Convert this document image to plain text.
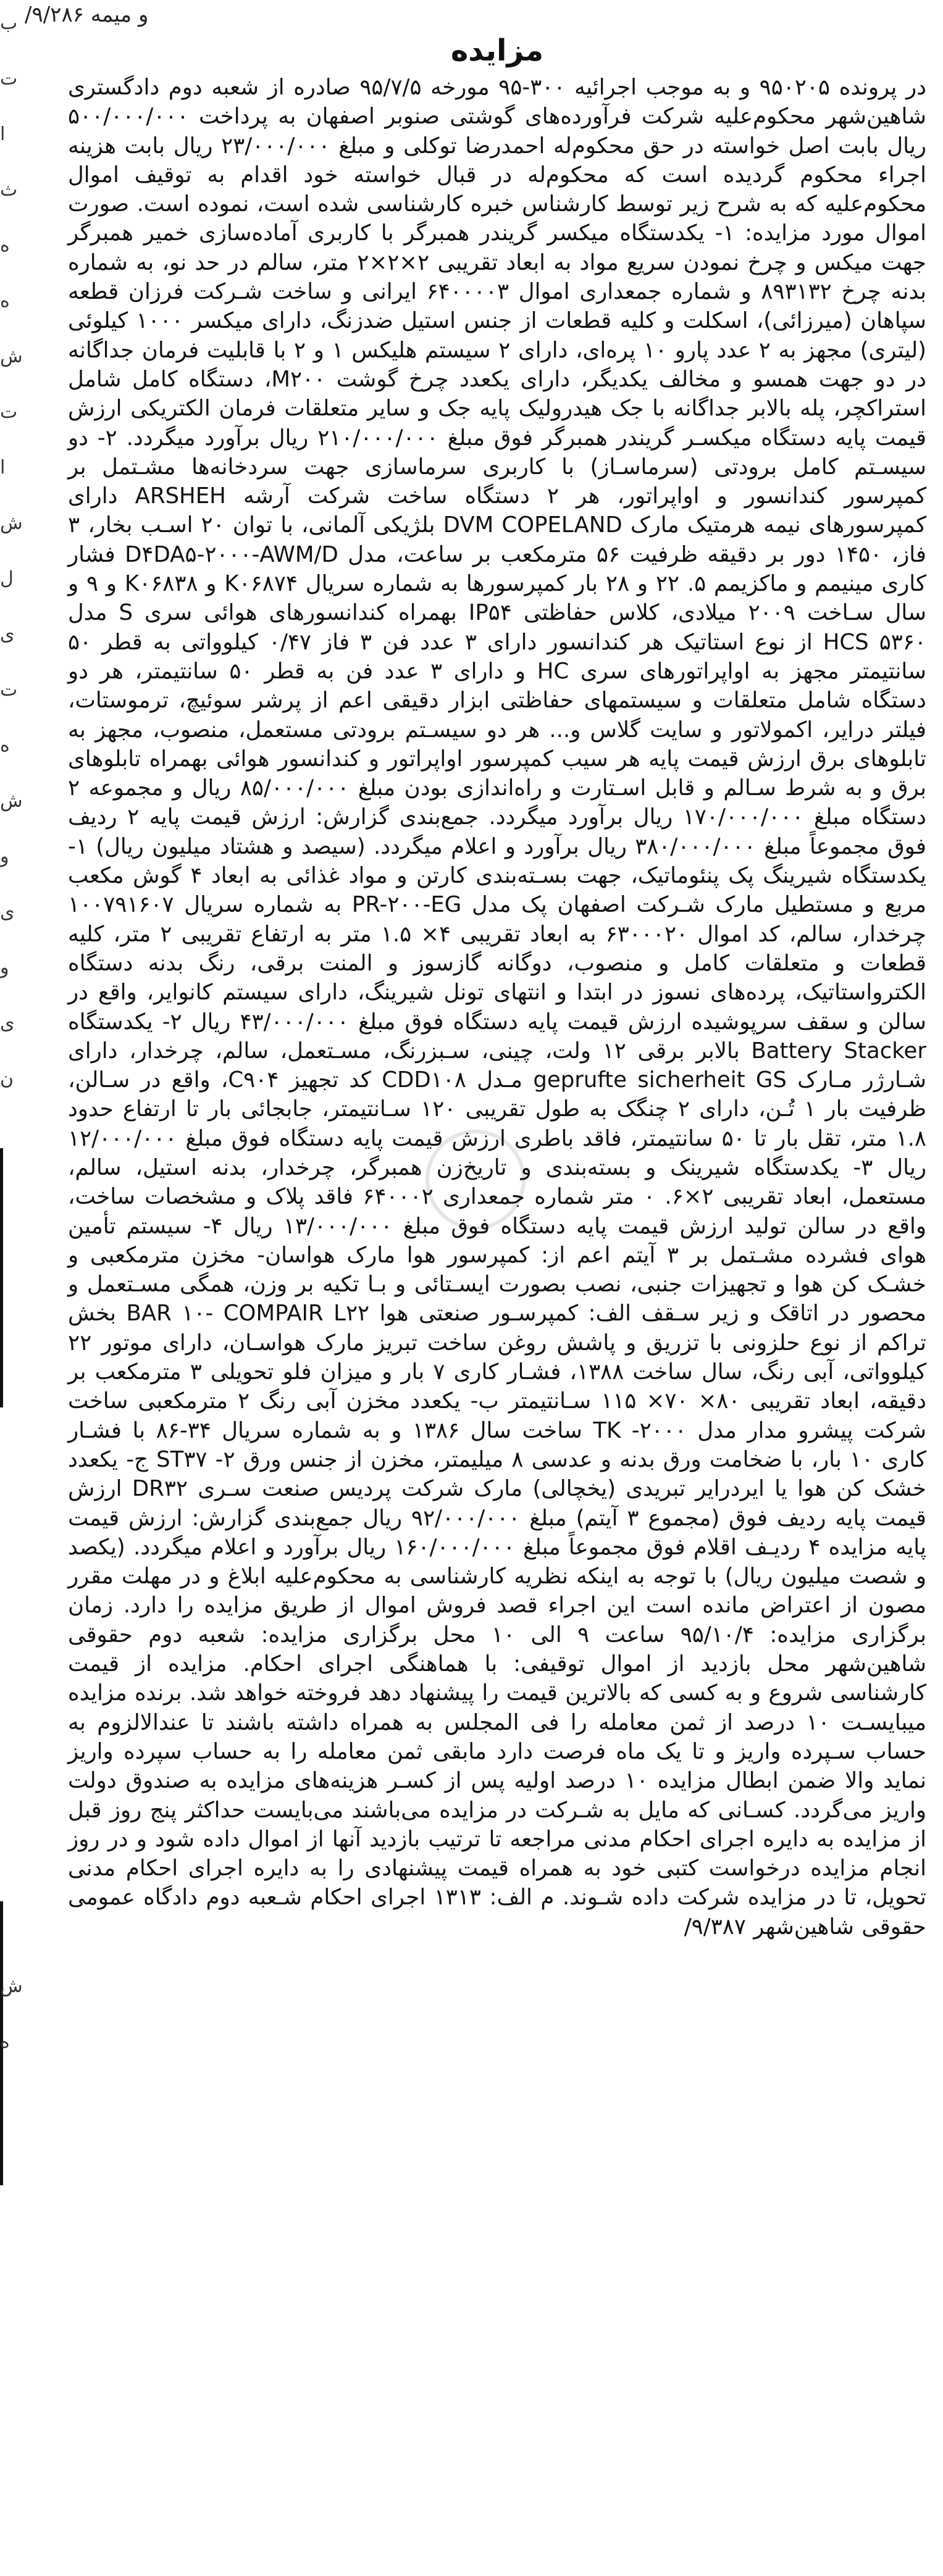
و میمه ۹/۲۸۶/
ب
ت
ا
ث
ه
ه
ش
ت
ا
ش
ل
ی
ت
ه
ش
و
ی
و
ی
ن
ش
ه
مزایده

در پرونده ۹۵۰۲۰۵ و به موجب اجرائیه ۳۰۰-۹۵ مورخه ۹۵/۷/۵ صادره از شعبه دوم دادگستری شاهین‌شهر محکوم‌علیه شرکت فرآورده‌های گوشتی صنوبر اصفهان به پرداخت ۵۰۰/۰۰۰/۰۰۰ ریال بابت اصل خواسته در حق محکوم‌له احمدرضا توکلی و مبلغ ۲۳/۰۰۰/۰۰۰ ریال بابت هزینه اجراء محکوم گردیده است که محکوم‌له در قبال خواسته خود اقدام به توقیف اموال محکوم‌علیه که به شرح زیر توسط کارشناس خبره کارشناسی شده است، نموده است. صورت اموال مورد مزایده: ۱- یکدستگاه میکسر گریندر همبرگر با کاربری آماده‌سازی خمیر همبرگر جهت میکس و چرخ نمودن سریع مواد به ابعاد تقریبی ۲×۲×۲ متر، سالم در حد نو، به شماره بدنه چرخ ۸۹۳۱۳۲ و شماره جمعداری اموال ۶۴۰۰۰۰۳ ایرانی و ساخت شـرکت فرزان قطعه سپاهان (میرزائی)، اسکلت و کلیه قطعات از جنس استیل ضدزنگ، دارای میکسر ۱۰۰۰ کیلوئی (لیتری) مجهز به ۲ عدد پارو ۱۰ پره‌ای، دارای ۲ سیستم هلیکس ۱ و ۲ با قابلیت فرمان جداگانه در دو جهت همسو و مخالف یکدیگر، دارای یکعدد چرخ گوشت M۲۰۰، دستگاه کامل شامل استراکچر، پله بالابر جداگانه با جک هیدرولیک پایه جک و سایر متعلقات فرمان الکتریکی ارزش قیمت پایه دستگاه میکسـر گریندر همبرگر فوق مبلغ ۲۱۰/۰۰۰/۰۰۰ ریال برآورد میگردد. ۲- دو سیسـتم کامل برودتی (سرماسـاز) با کاربری سرماسازی جهت سردخانه‌ها مشـتمل بر کمپرسور کندانسور و اواپراتور، هر ۲ دستگاه ساخت شرکت آرشه ARSHEH دارای کمپرسورهای نیمه هرمتیک مارک DVM COPELAND بلژیکی آلمانی، با توان ۲۰ اسـب بخار، ۳ فاز، ۱۴۵۰ دور بر دقیقه ظرفیت ۵۶ مترمکعب بر ساعت، مدل D۴DA۵-۲۰۰۰-AWM/D فشار کاری مینیمم و ماکزیمم ۵. ۲۲ و ۲۸ بار کمپرسورها به شماره سریال K۰۶۸۷۴ و K۰۶۸۳۸ و ۹ و سال سـاخت ۲۰۰۹ میلادی، کلاس حفاظتی IP۵۴ بهمراه کندانسورهای هوائی سری S مدل HCS ۵۳۶۰ از نوع استاتیک هر کندانسور دارای ۳ عدد فن ۳ فاز ۰/۴۷ کیلوواتی به قطر ۵۰ سانتیمتر مجهز به اواپراتورهای سری HC و دارای ۳ عدد فن به قطر ۵۰ سانتیمتر، هر دو دستگاه شامل متعلقات و سیستمهای حفاظتی ابزار دقیقی اعم از پرشر سوئیچ، ترموستات، فیلتر درایر، اکمولاتور و سایت گلاس و... هر دو سیسـتم برودتی مستعمل، منصوب، مجهز به تابلوهای برق ارزش قیمت پایه هر سیب کمپرسور اواپراتور و کندانسور هوائی بهمراه تابلوهای برق و به شرط سـالم و قابل اسـتارت و راه‌اندازی بودن مبلغ ۸۵/۰۰۰/۰۰۰ ریال و مجموعه ۲ دستگاه مبلغ ۱۷۰/۰۰۰/۰۰۰ ریال برآورد میگردد. جمع‌بندی گزارش: ارزش قیمت پایه ۲ ردیف فوق مجموعاً مبلغ ۳۸۰/۰۰۰/۰۰۰ ریال برآورد و اعلام میگردد. (سیصد و هشتاد میلیون ریال) ۱- یکدستگاه شیرینگ پک پنئوماتیک، جهت بسـته‌بندی کارتن و مواد غذائی به ابعاد ۴ گوش مکعب مربع و مستطیل مارک شـرکت اصفهان پک مدل PR-۲۰۰-EG به شماره سریال ۱۰۰۷۹۱۶۰۷ چرخدار، سالم، کد اموال ۶۳۰۰۰۲۰ به ابعاد تقریبی ۴× ۱.۵ متر به ارتفاع تقریبی ۲ متر، کلیه قطعات و متعلقات کامل و منصوب، دوگانه گازسوز و المنت برقی، رنگ بدنه دستگاه الکترواستاتیک، پرده‌های نسوز در ابتدا و انتهای تونل شیرینگ، دارای سیستم کانوایر، واقع در سالن و سقف سرپوشیده ارزش قیمت پایه دستگاه فوق مبلغ ۴۳/۰۰۰/۰۰۰ ریال ۲- یکدستگاه Battery Stacker بالابر برقی ۱۲ ولت، چینی، سـبزرنگ، مسـتعمل، سالم، چرخدار، دارای شـارژر مـارک geprufte sicherheit GS مـدل CDD۱۰۸ کد تجهیز C۹۰۴، واقع در سـالن، ظرفیت بار ۱ تُـن، دارای ۲ چنگک به طول تقریبی ۱۲۰ سـانتیمتر، جابجائی بار تا ارتفاع حدود ۱.۸ متر، تقل بار تا ۵۰ سانتیمتر، فاقد باطری ارزش قیمت پایه دستگاه فوق مبلغ ۱۲/۰۰۰/۰۰۰ ریال ۳- یکدستگاه شیرینک و بسته‌بندی و تاریخ‌زن همبرگر، چرخدار، بدنه استیل، سالم، مستعمل، ابعاد تقریبی ۲×۶. ۰ متر شماره جمعداری ۶۴۰۰۰۲ فاقد پلاک و مشخصات ساخت، واقع در سالن تولید ارزش قیمت پایه دستگاه فوق مبلغ ۱۳/۰۰۰/۰۰۰ ریال ۴- سیستم تأمین هوای فشرده مشـتمل بر ۳ آیتم اعم از: کمپرسور هوا مارک هواسان- مخزن مترمکعبی و خشـک کن هوا و تجهیزات جنبی، نصب بصورت ایسـتائی و بـا تکیه بر وزن، همگی مسـتعمل و محصور در اتاقک و زیر سـقف الف: کمپرسـور صنعتی هوا BAR ۱۰- COMPAIR L۲۲ بخش تراکم از نوع حلزونی با تزریق و پاشش روغن ساخت تبریز مارک هواسـان، دارای موتور ۲۲ کیلوواتی، آبی رنگ، سال ساخت ۱۳۸۸، فشـار کاری ۷ بار و میزان فلو تحویلی ۳ مترمکعب بر دقیقه، ابعاد تقریبی ۸۰× ۷۰× ۱۱۵ سـانتیمتر ب- یکعدد مخزن آبی رنگ ۲ مترمکعبی ساخت شرکت پیشرو مدار مدل ۲۰۰۰- TK ساخت سال ۱۳۸۶ و به شماره سریال ۳۴-۸۶ با فشـار کاری ۱۰ بار، با ضخامت ورق بدنه و عدسی ۸ میلیمتر، مخزن از جنس ورق ۲- ST۳۷ ج- یکعدد خشک کن هوا یا ایردرایر تبریدی (یخچالی) مارک شرکت پردیس صنعت سـری DR۳۲ ارزش قیمت پایه ردیف فوق (مجموع ۳ آیتم) مبلغ ۹۲/۰۰۰/۰۰۰ ریال جمع‌بندی گزارش: ارزش قیمت پایه مزایده ۴ ردیـف اقلام فوق مجموعاً مبلغ ۱۶۰/۰۰۰/۰۰۰ ریال برآورد و اعلام میگردد. (یکصد و شصت میلیون ریال) با توجه به اینکه نظریه کارشناسی به محکوم‌علیه ابلاغ و در مهلت مقرر مصون از اعتراض مانده است این اجراء قصد فروش اموال از طریق مزایده را دارد. زمان برگزاری مزایده: ۹۵/۱۰/۴ ساعت ۹ الی ۱۰ محل برگزاری مزایده: شعبه دوم حقوقی شاهین‌شهر محل بازدید از اموال توقیفی: با هماهنگی اجرای احکام. مزایده از قیمت کارشناسی شروع و به کسی که بالاترین قیمت را پیشنهاد دهد فروخته خواهد شد. برنده مزایده میبایسـت ۱۰ درصد از ثمن معامله را فی المجلس به همراه داشته باشند تا عندالالزوم به حساب سـپرده واریز و تا یک ماه فرصت دارد مابقی ثمن معامله را به حساب سپرده واریز نماید والا ضمن ابطال مزایده ۱۰ درصد اولیه پس از کسـر هزینه‌های مزایده به صندوق دولت واریز می‌گردد. کسـانی که مایل به شـرکت در مزایده می‌باشند می‌بایست حداکثر پنج روز قبل از مزایده به دایره اجرای احکام مدنی مراجعه تا ترتیب بازدید آنها از اموال داده شود و در روز انجام مزایده درخواست کتبی خود به همراه قیمت پیشنهادی را به دایره اجرای احکام مدنی تحویل، تا در مزایده شرکت داده شـوند. م الف: ۱۳۱۳ اجرای احکام شـعبه دوم دادگاه عمومی حقوقی شاهین‌شهر ۹/۳۸۷/
